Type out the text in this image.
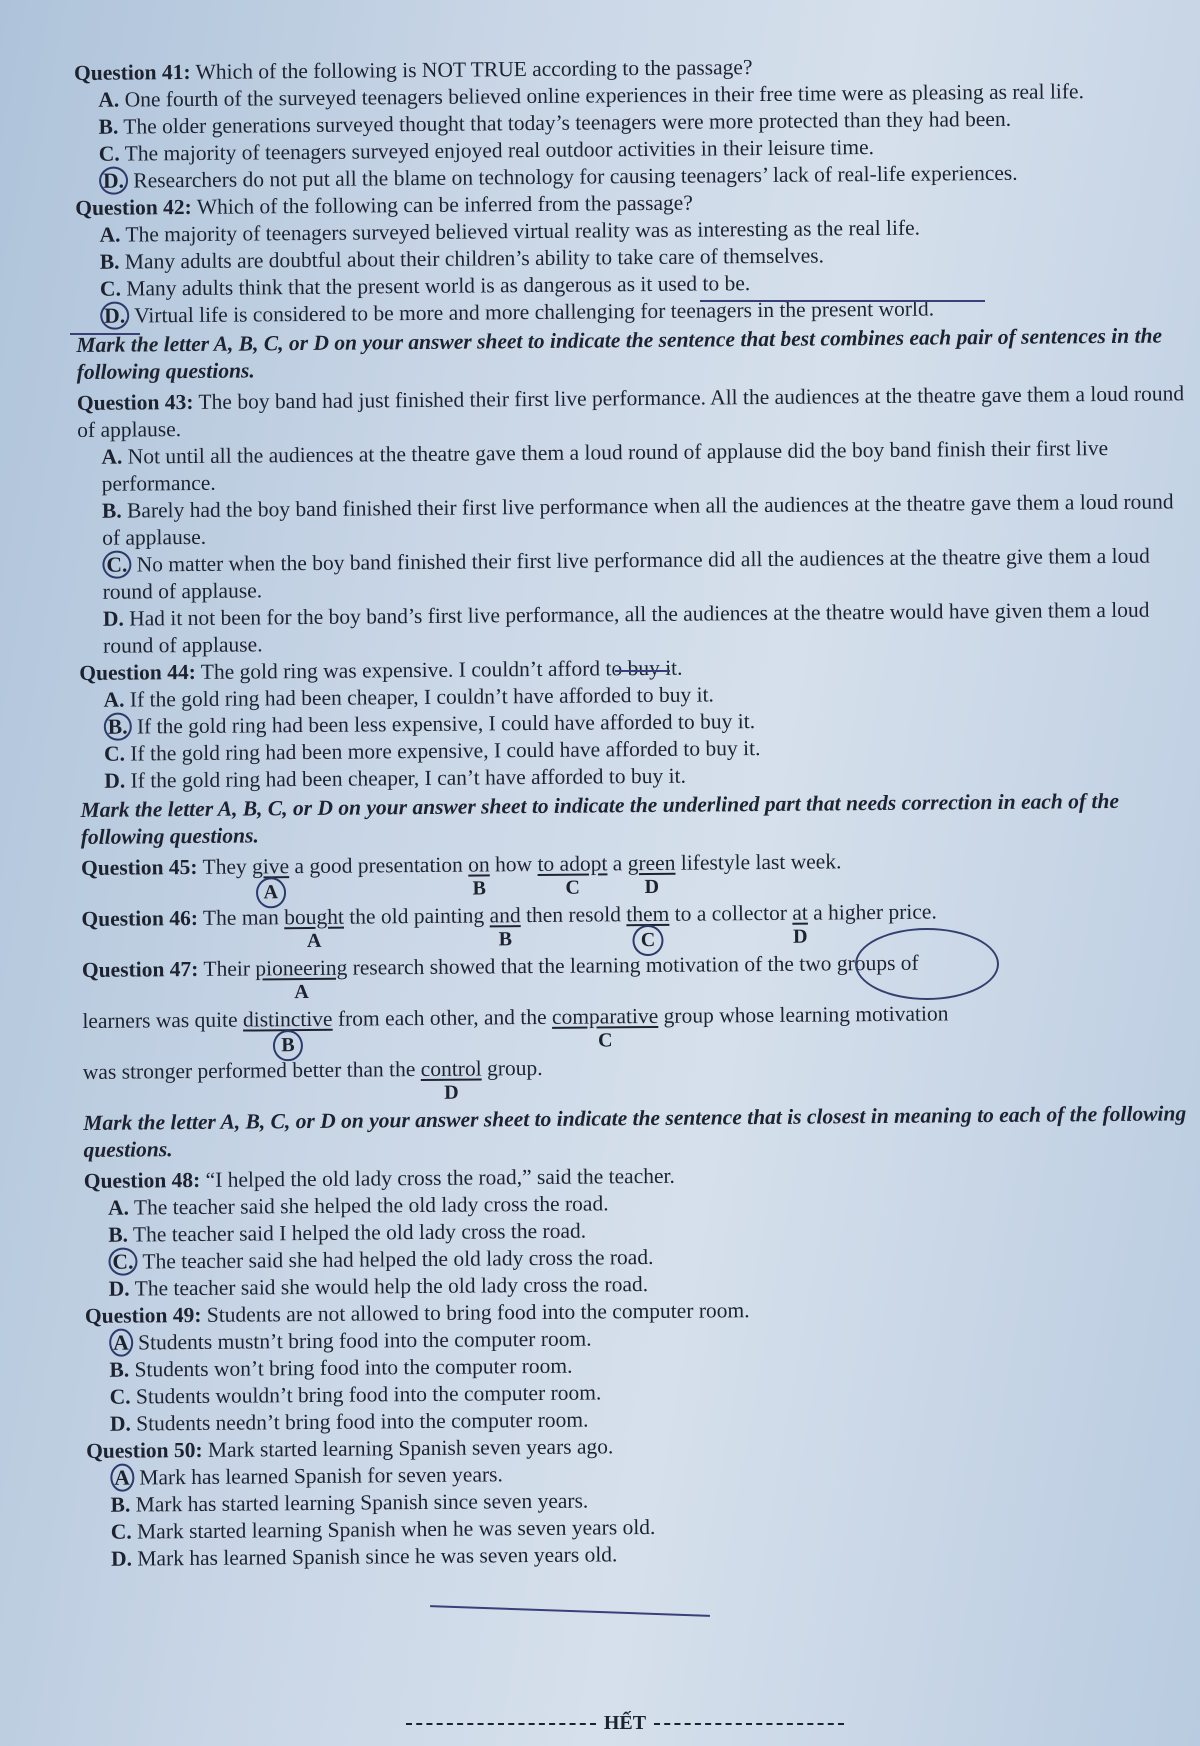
Question 41: Which of the following is NOT TRUE according to the passage?

A. One fourth of the surveyed teenagers believed online experiences in their free time were as pleasing as real life.

B. The older generations surveyed thought that today’s teenagers were more protected than they had been.

C. The majority of teenagers surveyed enjoyed real outdoor activities in their leisure time.

D. Researchers do not put all the blame on technology for causing teenagers’ lack of real-life experiences.

Question 42: Which of the following can be inferred from the passage?

A. The majority of teenagers surveyed believed virtual reality was as interesting as the real life.

B. Many adults are doubtful about their children’s ability to take care of themselves.

C. Many adults think that the present world is as dangerous as it used to be.

D. Virtual life is considered to be more and more challenging for teenagers in the present world.

Mark the letter A, B, C, or D on your answer sheet to indicate the sentence that best combines each pair of sentences in the following questions.

Question 43: The boy band had just finished their first live performance. All the audiences at the theatre gave them a loud round of applause.

A. Not until all the audiences at the theatre gave them a loud round of applause did the boy band finish their first live performance.

B. Barely had the boy band finished their first live performance when all the audiences at the theatre gave them a loud round of applause.

C. No matter when the boy band finished their first live performance did all the audiences at the theatre give them a loud round of applause.

D. Had it not been for the boy band’s first live performance, all the audiences at the theatre would have given them a loud round of applause.

Question 44: The gold ring was expensive. I couldn’t afford to buy it.

A. If the gold ring had been cheaper, I couldn’t have afforded to buy it.

B. If the gold ring had been less expensive, I could have afforded to buy it.

C. If the gold ring had been more expensive, I could have afforded to buy it.

D. If the gold ring had been cheaper, I can’t have afforded to buy it.

Mark the letter A, B, C, or D on your answer sheet to indicate the underlined part that needs correction in each of the following questions.

Question 45: They give
A
a good presentation $\frac{on}{B}$ how to adopt
C
a green
D
lifestyle last week.

Question 46: The man bought
A
the old painting and
B
then resold them
C
to a collector $\frac{at}{D}$ a higher price.

Question 47: Their pioneering
A
research showed that the learning motivation of the two groups of

learners was quite distinctive
B
from each other, and the comparative
C
group whose learning motivation

was stronger performed better than the control
D
group.

Mark the letter A, B, C, or D on your answer sheet to indicate the sentence that is closest in meaning to each of the following questions.

Question 48: “I helped the old lady cross the road,” said the teacher.

A. The teacher said she helped the old lady cross the road.

B. The teacher said I helped the old lady cross the road.

C. The teacher said she had helped the old lady cross the road.

D. The teacher said she would help the old lady cross the road.

Question 49: Students are not allowed to bring food into the computer room.

A Students mustn’t bring food into the computer room.

B. Students won’t bring food into the computer room.

C. Students wouldn’t bring food into the computer room.

D. Students needn’t bring food into the computer room.

Question 50: Mark started learning Spanish seven years ago.

A Mark has learned Spanish for seven years.

B. Mark has started learning Spanish since seven years.

C. Mark started learning Spanish when he was seven years old.

D. Mark has learned Spanish since he was seven years old.

HẾT
